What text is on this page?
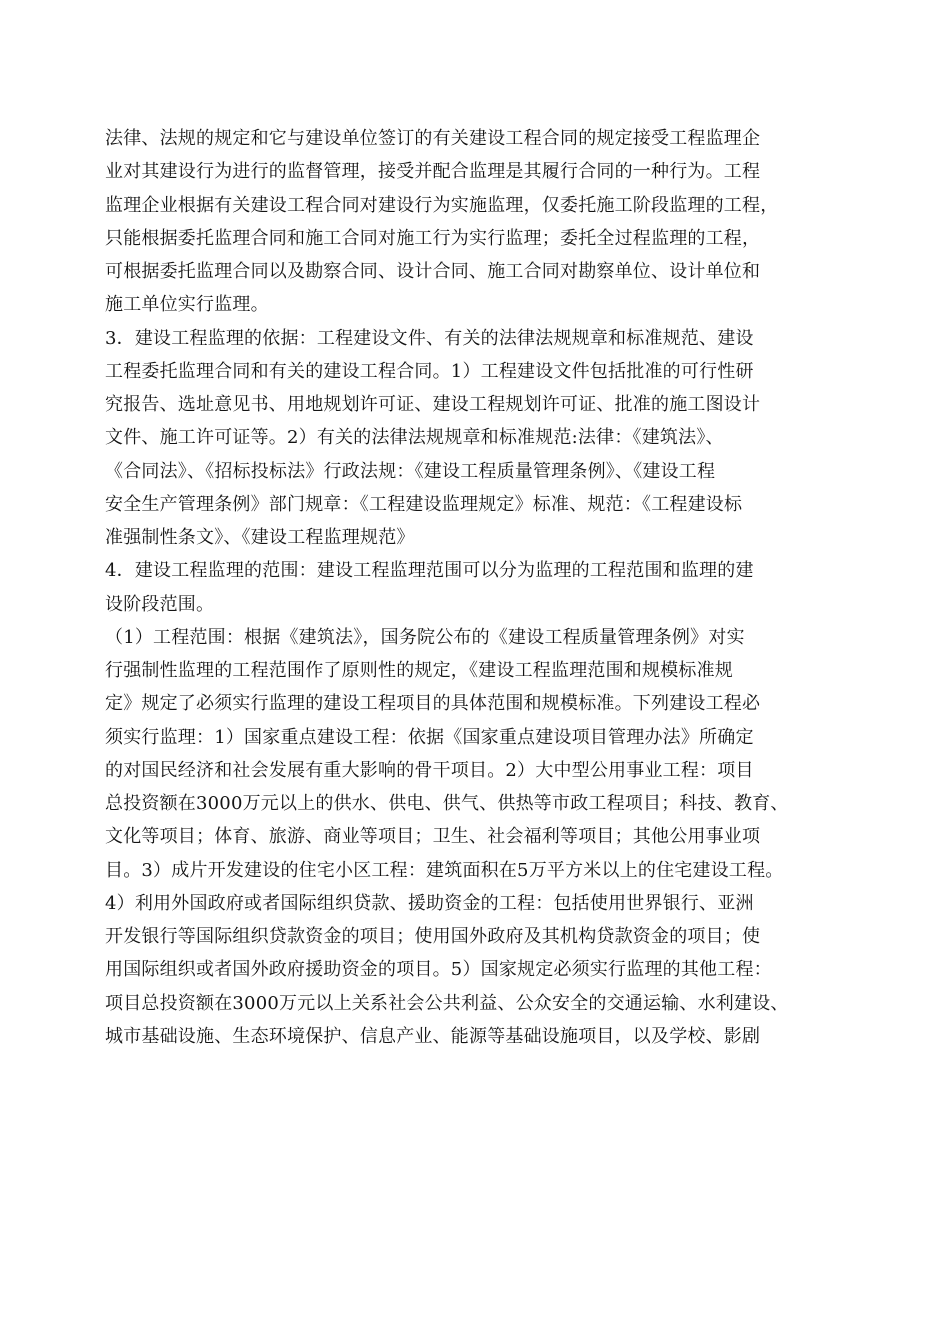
法律、法规的规定和它与建设单位签订的有关建设工程合同的规定接受工程监理企
业对其建设行为进行的监督管理，接受并配合监理是其履行合同的一种行为。工程
监理企业根据有关建设工程合同对建设行为实施监理，仅委托施工阶段监理的工程，
只能根据委托监理合同和施工合同对施工行为实行监理；委托全过程监理的工程，
可根据委托监理合同以及勘察合同、设计合同、施工合同对勘察单位、设计单位和
施工单位实行监理。
3．建设工程监理的依据：工程建设文件、有关的法律法规规章和标准规范、建设
工程委托监理合同和有关的建设工程合同。1）工程建设文件包括批准的可行性研
究报告、选址意见书、用地规划许可证、建设工程规划许可证、批准的施工图设计
文件、施工许可证等。2）有关的法律法规规章和标准规范:法律：《建筑法》、
《合同法》、《招标投标法》行政法规：《建设工程质量管理条例》、《建设工程
安全生产管理条例》部门规章：《工程建设监理规定》标准、规范：《工程建设标
准强制性条文》、《建设工程监理规范》
4．建设工程监理的范围：建设工程监理范围可以分为监理的工程范围和监理的建
设阶段范围。
（1）工程范围：根据《建筑法》，国务院公布的《建设工程质量管理条例》对实
行强制性监理的工程范围作了原则性的规定，《建设工程监理范围和规模标准规
定》规定了必须实行监理的建设工程项目的具体范围和规模标准。下列建设工程必
须实行监理：1）国家重点建设工程：依据《国家重点建设项目管理办法》所确定
的对国民经济和社会发展有重大影响的骨干项目。2）大中型公用事业工程：项目
总投资额在3000万元以上的供水、供电、供气、供热等市政工程项目；科技、教育、
文化等项目；体育、旅游、商业等项目；卫生、社会福利等项目；其他公用事业项
目。3）成片开发建设的住宅小区工程：建筑面积在5万平方米以上的住宅建设工程。
4）利用外国政府或者国际组织贷款、援助资金的工程：包括使用世界银行、亚洲
开发银行等国际组织贷款资金的项目；使用国外政府及其机构贷款资金的项目；使
用国际组织或者国外政府援助资金的项目。5）国家规定必须实行监理的其他工程：
项目总投资额在3000万元以上关系社会公共利益、公众安全的交通运输、水利建设、
城市基础设施、生态环境保护、信息产业、能源等基础设施项目，以及学校、影剧
